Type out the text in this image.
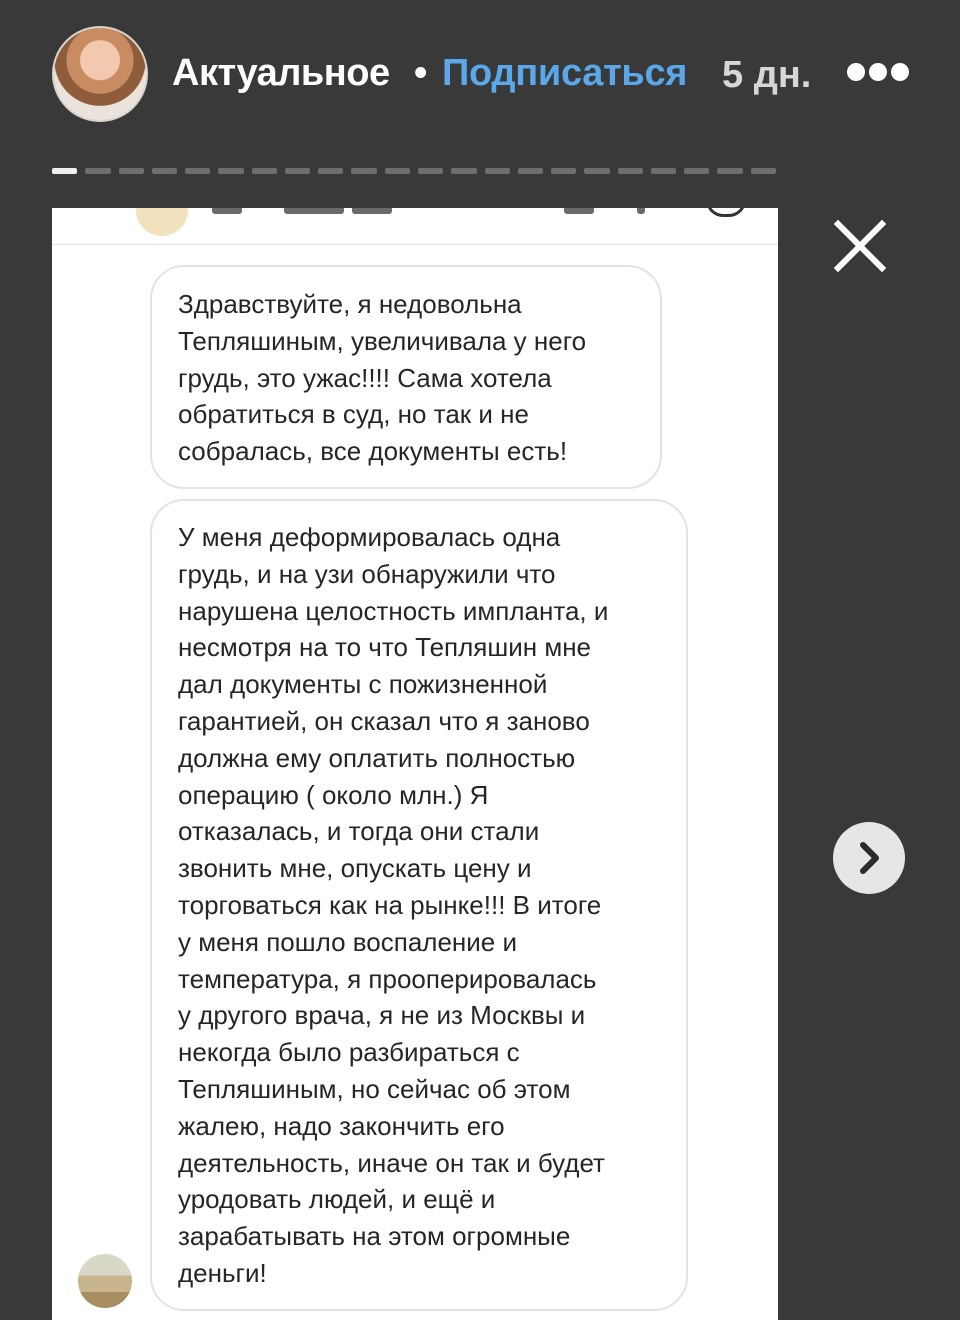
Актуальное • Подписаться 5 дн.
Здравствуйте, я недовольна
Тепляшиным, увеличивала у него
грудь, это ужас!!!! Сама хотела
обратиться в суд, но так и не
собралась, все документы есть!
У меня деформировалась одна
грудь, и на узи обнаружили что
нарушена целостность импланта, и
несмотря на то что Тепляшин мне
дал документы с пожизненной
гарантией, он сказал что я заново
должна ему оплатить полностью
операцию ( около млн.) Я
отказалась, и тогда они стали
звонить мне, опускать цену и
торговаться как на рынке!!! В итоге
у меня пошло воспаление и
температура, я прооперировалась
у другого врача, я не из Москвы и
некогда было разбираться с
Тепляшиным, но сейчас об этом
жалею, надо закончить его
деятельность, иначе он так и будет
уродовать людей, и ещё и
зарабатывать на этом огромные
деньги!
